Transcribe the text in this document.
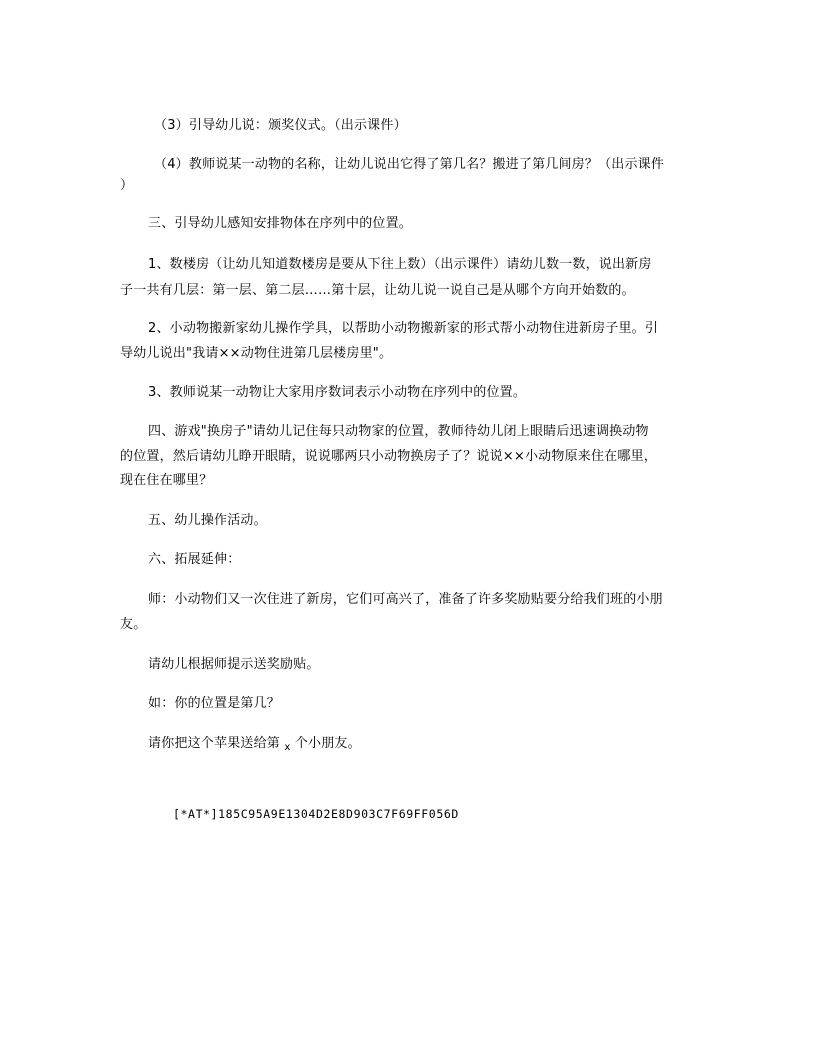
（3）引导幼儿说：颁奖仪式。（出示课件）
（4）教师说某一动物的名称，让幼儿说出它得了第几名？搬进了第几间房？（出示课件
）
三、引导幼儿感知安排物体在序列中的位置。
1、数楼房（让幼儿知道数楼房是要从下往上数）（出示课件）请幼儿数一数，说出新房
子一共有几层：第一层、第二层……第十层，让幼儿说一说自己是从哪个方向开始数的。
2、小动物搬新家幼儿操作学具，以帮助小动物搬新家的形式帮小动物住进新房子里。引
导幼儿说出"我请××动物住进第几层楼房里"。
3、教师说某一动物让大家用序数词表示小动物在序列中的位置。
四、游戏"换房子"请幼儿记住每只动物家的位置，教师待幼儿闭上眼睛后迅速调换动物
的位置，然后请幼儿睁开眼睛，说说哪两只小动物换房子了？说说××小动物原来住在哪里，
现在住在哪里？
五、幼儿操作活动。
六、拓展延伸：
师：小动物们又一次住进了新房，它们可高兴了，准备了许多奖励贴要分给我们班的小朋
友。
请幼儿根据师提示送奖励贴。
如：你的位置是第几？
请你把这个苹果送给第 $_x$ 个小朋友。
[*AT*]185C95A9E1304D2E8D903C7F69FF056D
